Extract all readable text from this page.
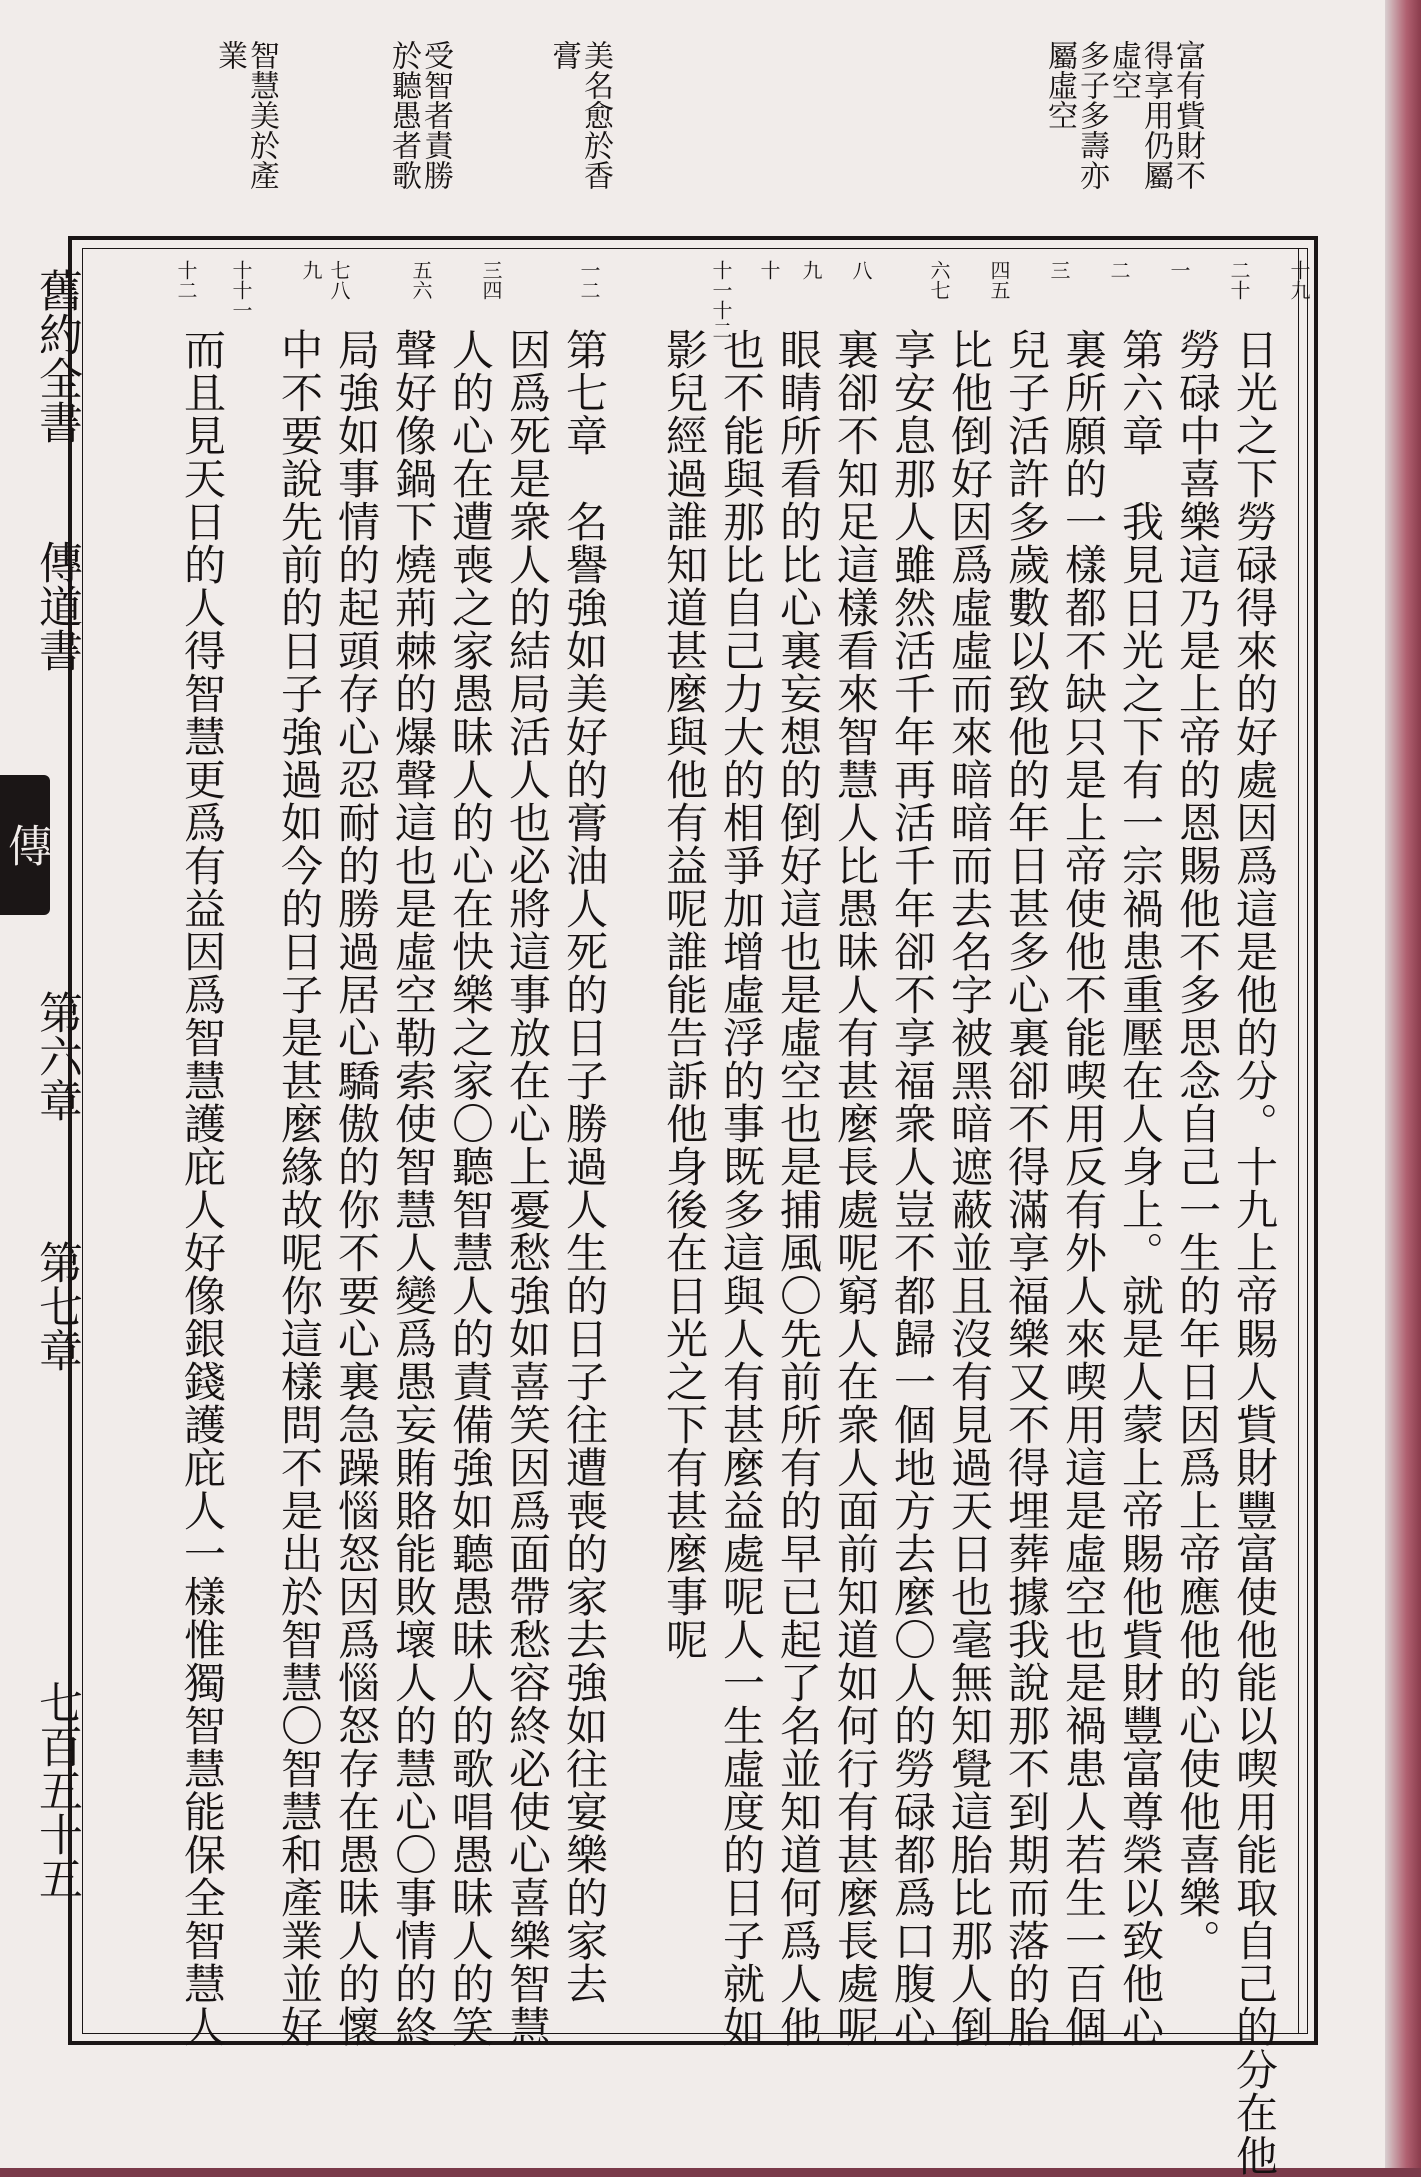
富有貲財不
得享用仍屬
虛空
多子多壽亦
屬虛空
美名愈於香
膏
受智者責勝
於聽愚者歌
智慧美於產
業
十九
二十
一
二
三
四五
六七
八
九
十
十一十二
一二
三四
五六
七八
九
十十一
十二
日光之下勞碌得來的好處因爲這是他的分。十九上帝賜人貲財豐富使他能以喫用能取自己的分在他
勞碌中喜樂這乃是上帝的恩賜他不多思念自己一生的年日因爲上帝應他的心使他喜樂。
第六章　我見日光之下有一宗禍患重壓在人身上。就是人蒙上帝賜他貲財豐富尊榮以致他心
裏所願的一樣都不缺只是上帝使他不能喫用反有外人來喫用這是虛空也是禍患人若生一百個
兒子活許多歲數以致他的年日甚多心裏卻不得滿享福樂又不得埋葬據我說那不到期而落的胎
比他倒好因爲虛虛而來暗暗而去名字被黑暗遮蔽並且沒有見過天日也毫無知覺這胎比那人倒
享安息那人雖然活千年再活千年卻不享福衆人豈不都歸一個地方去麼〇人的勞碌都爲口腹心
裏卻不知足這樣看來智慧人比愚昧人有甚麼長處呢窮人在衆人面前知道如何行有甚麼長處呢
眼睛所看的比心裏妄想的倒好這也是虛空也是捕風〇先前所有的早已起了名並知道何爲人他
也不能與那比自己力大的相爭加增虛浮的事既多這與人有甚麼益處呢人一生虛度的日子就如
影兒經過誰知道甚麼與他有益呢誰能告訴他身後在日光之下有甚麼事呢
第七章　名譽強如美好的膏油人死的日子勝過人生的日子往遭喪的家去強如往宴樂的家去
因爲死是衆人的結局活人也必將這事放在心上憂愁強如喜笑因爲面帶愁容終必使心喜樂智慧
人的心在遭喪之家愚昧人的心在快樂之家〇聽智慧人的責備強如聽愚昧人的歌唱愚昧人的笑
聲好像鍋下燒荊棘的爆聲這也是虛空勒索使智慧人變爲愚妄賄賂能敗壞人的慧心〇事情的終
局強如事情的起頭存心忍耐的勝過居心驕傲的你不要心裏急躁惱怒因爲惱怒存在愚昧人的懷
中不要說先前的日子強過如今的日子是甚麼緣故呢你這樣問不是出於智慧〇智慧和產業並好
而且見天日的人得智慧更爲有益因爲智慧護庇人好像銀錢護庇人一樣惟獨智慧能保全智慧人
舊約全書
傳道書
傳
第六章
第七章
七百五十五
